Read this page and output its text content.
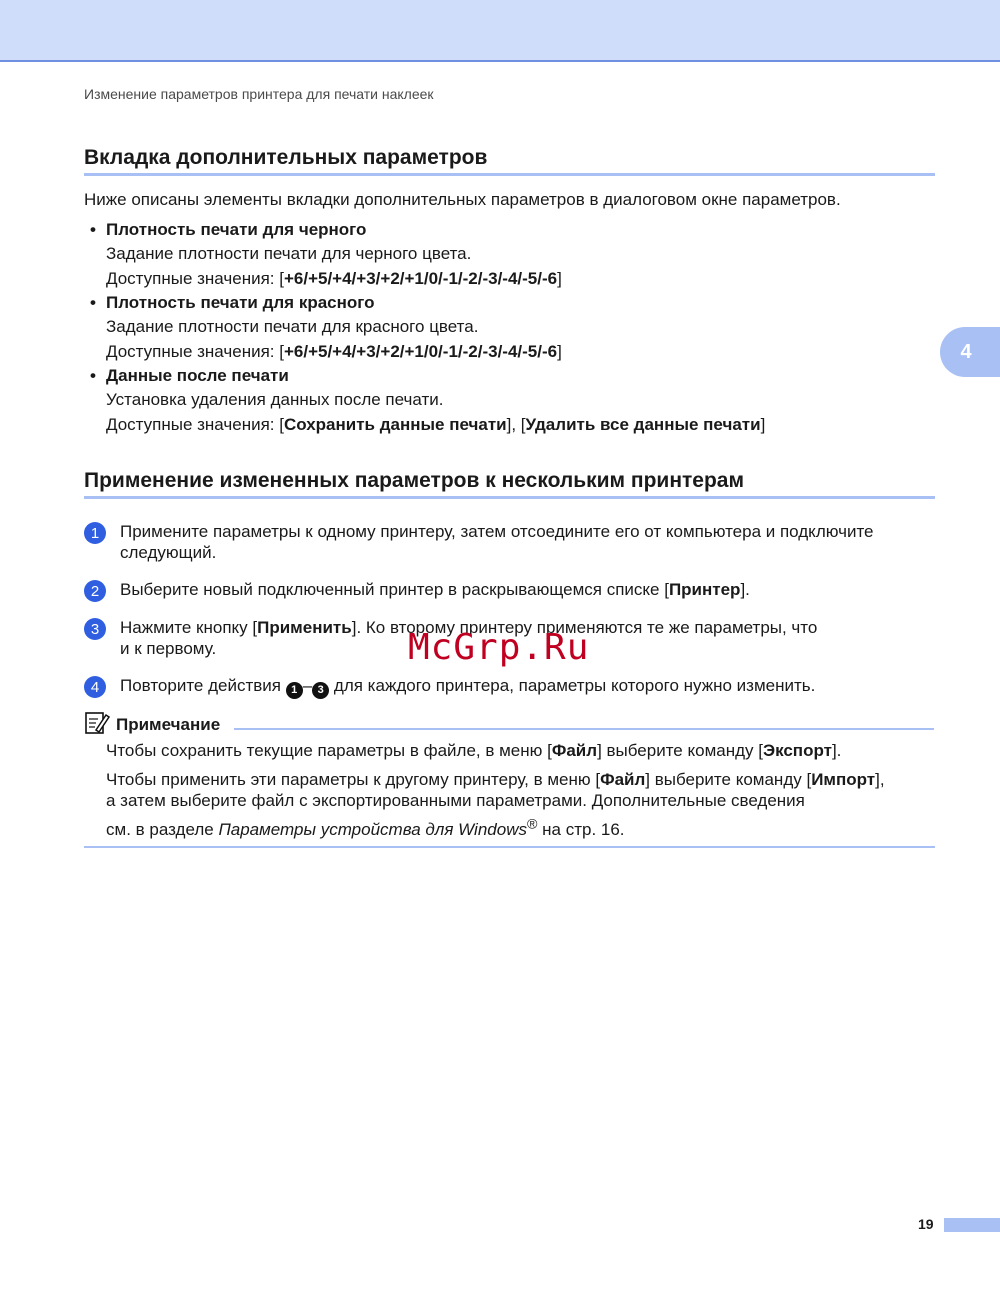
Изменение параметров принтера для печати наклеек
4
Вкладка дополнительных параметров

Ниже описаны элементы вкладки дополнительных параметров в диалоговом окне параметров.

• Плотность печати для черного
Задание плотности печати для черного цвета.
Доступные значения: [+6/+5/+4/+3/+2/+1/0/-1/-2/-3/-4/-5/-6]
• Плотность печати для красного
Задание плотности печати для красного цвета.
Доступные значения: [+6/+5/+4/+3/+2/+1/0/-1/-2/-3/-4/-5/-6]
• Данные после печати
Установка удаления данных после печати.
Доступные значения: [Сохранить данные печати], [Удалить все данные печати]
Применение измененных параметров к нескольким принтерам
1	Примените параметры к одному принтеру, затем отсоедините его от компьютера и подключите следующий.
2	Выберите новый подключенный принтер в раскрывающемся списке [Принтер].
3	Нажмите кнопку [Применить]. Ко второму принтеру применяются те же параметры, что
и к первому.
4	Повторите действия 1 – 3 для каждого принтера, параметры которого нужно изменить.
Примечание

Чтобы сохранить текущие параметры в файле, в меню [Файл] выберите команду [Экспорт].

Чтобы применить эти параметры к другому принтеру, в меню [Файл] выберите команду [Импорт],
а затем выберите файл с экспортированными параметрами. Дополнительные сведения
см. в разделе Параметры устройства для Windows® на стр. 16.

McGrp.Ru
19
